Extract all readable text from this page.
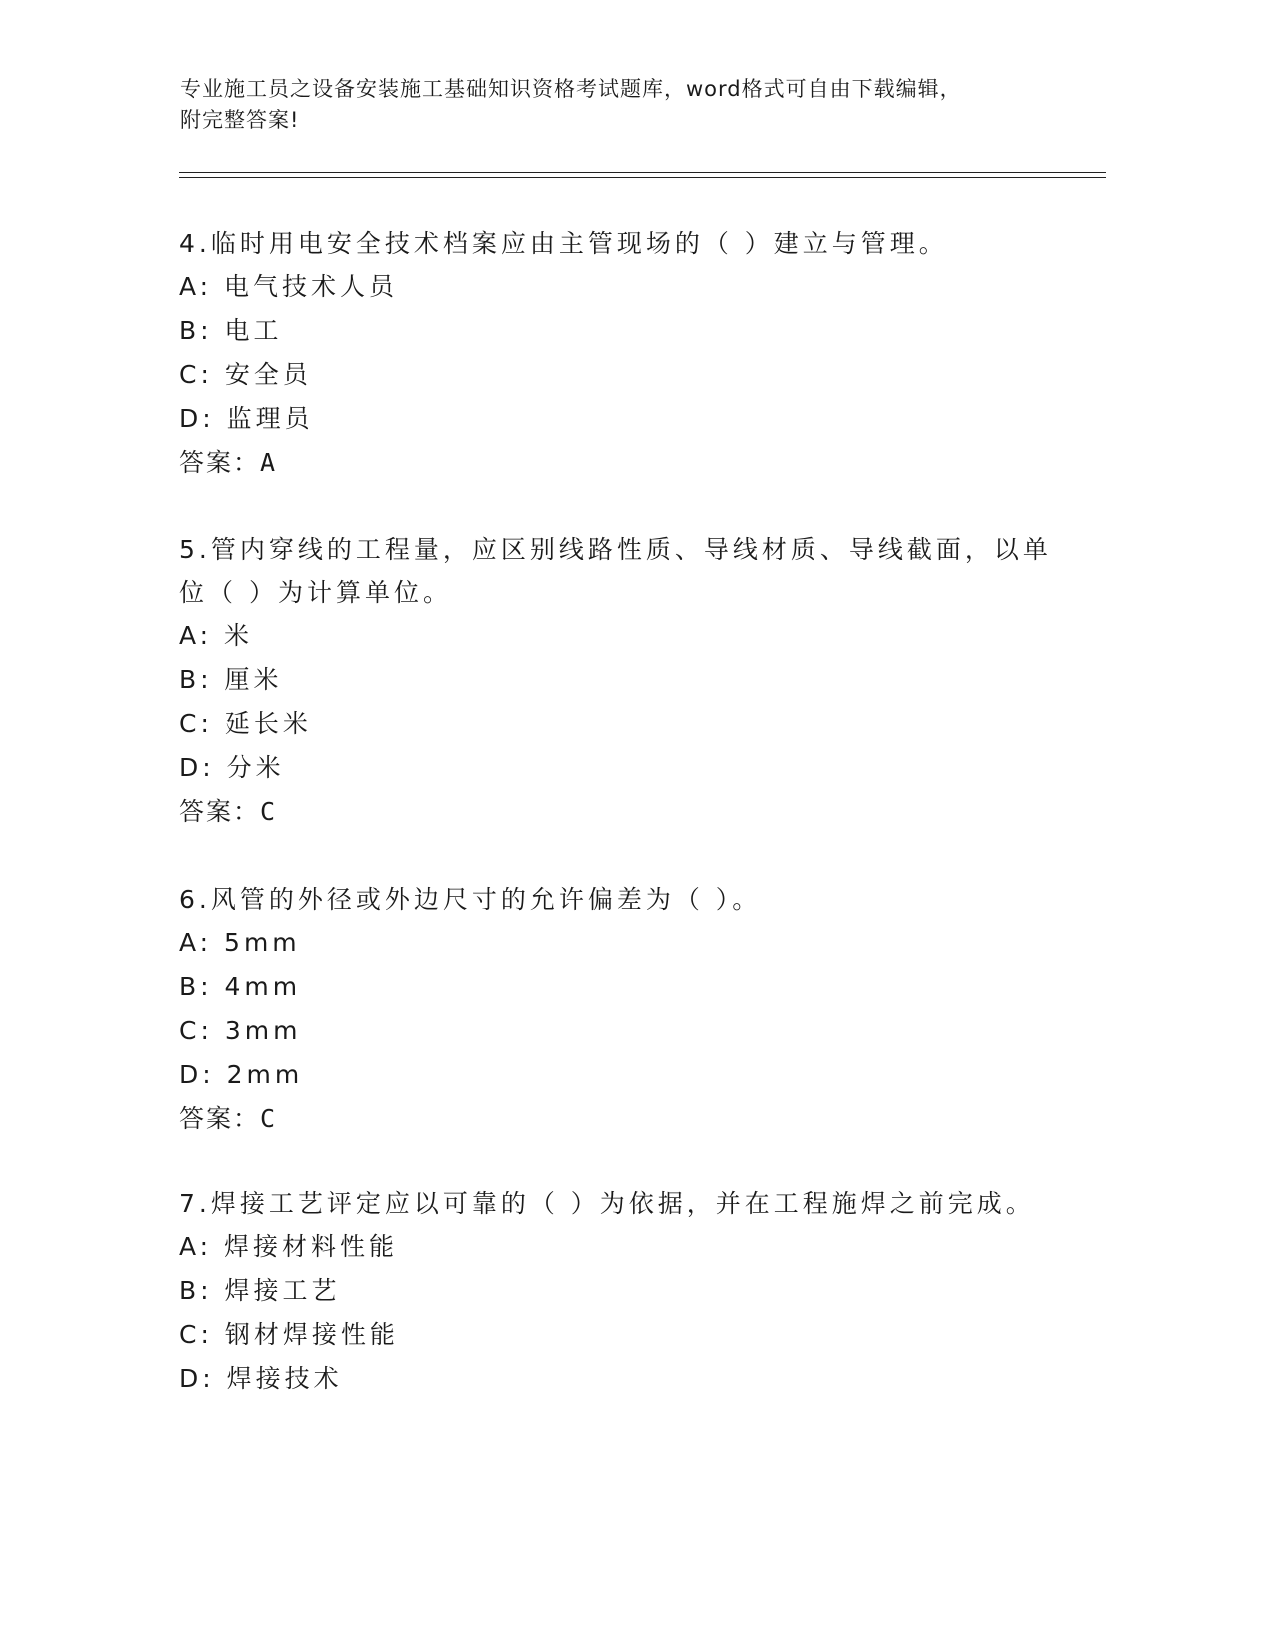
专业施工员之设备安装施工基础知识资格考试题库，word格式可自由下载编辑，
附完整答案!
4.临时用电安全技术档案应由主管现场的（ ）建立与管理。
A: 电气技术人员
B: 电工
C: 安全员
D: 监理员
答案：A
5.管内穿线的工程量，应区别线路性质、导线材质、导线截面，以单
位（ ）为计算单位。
A: 米
B: 厘米
C: 延长米
D: 分米
答案：C
6.风管的外径或外边尺寸的允许偏差为（ ）。
A: 5mm
B: 4mm
C: 3mm
D: 2mm
答案：C
7.焊接工艺评定应以可靠的（ ）为依据，并在工程施焊之前完成。
A: 焊接材料性能
B: 焊接工艺
C: 钢材焊接性能
D: 焊接技术
